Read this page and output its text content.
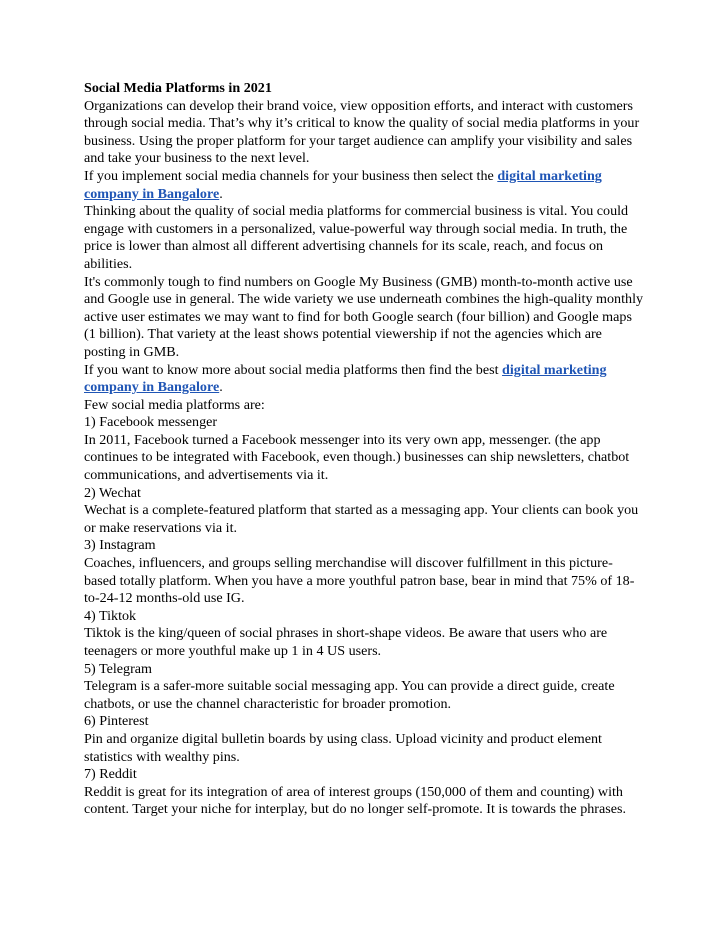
Social Media Platforms in 2021

Organizations can develop their brand voice, view opposition efforts, and interact with customers through social media. That’s why it’s critical to know the quality of social media platforms in your business. Using the proper platform for your target audience can amplify your visibility and sales and take your business to the next level.

If you implement social media channels for your business then select the digital marketing company in Bangalore.

Thinking about the quality of social media platforms for commercial business is vital. You could engage with customers in a personalized, value-powerful way through social media. In truth, the price is lower than almost all different advertising channels for its scale, reach, and focus on abilities.

It's commonly tough to find numbers on Google My Business (GMB) month-to-month active use and Google use in general. The wide variety we use underneath combines the high-quality monthly active user estimates we may want to find for both Google search (four billion) and Google maps (1 billion). That variety at the least shows potential viewership if not the agencies which are posting in GMB.

If you want to know more about social media platforms then find the best digital marketing company in Bangalore.

Few social media platforms are:

1) Facebook messenger

In 2011, Facebook turned a Facebook messenger into its very own app, messenger. (the app continues to be integrated with Facebook, even though.) businesses can ship newsletters, chatbot communications, and advertisements via it.

2) Wechat

Wechat is a complete-featured platform that started as a messaging app. Your clients can book you or make reservations via it.

3) Instagram

Coaches, influencers, and groups selling merchandise will discover fulfillment in this picture-based totally platform. When you have a more youthful patron base, bear in mind that 75% of 18-to-24-12 months-old use IG.

4) Tiktok

Tiktok is the king/queen of social phrases in short-shape videos. Be aware that users who are teenagers or more youthful make up 1 in 4 US users.

5) Telegram

Telegram is a safer-more suitable social messaging app. You can provide a direct guide, create chatbots, or use the channel characteristic for broader promotion.

6) Pinterest

Pin and organize digital bulletin boards by using class. Upload vicinity and product element statistics with wealthy pins.

7) Reddit

Reddit is great for its integration of area of interest groups (150,000 of them and counting) with content. Target your niche for interplay, but do no longer self-promote. It is towards the phrases.
